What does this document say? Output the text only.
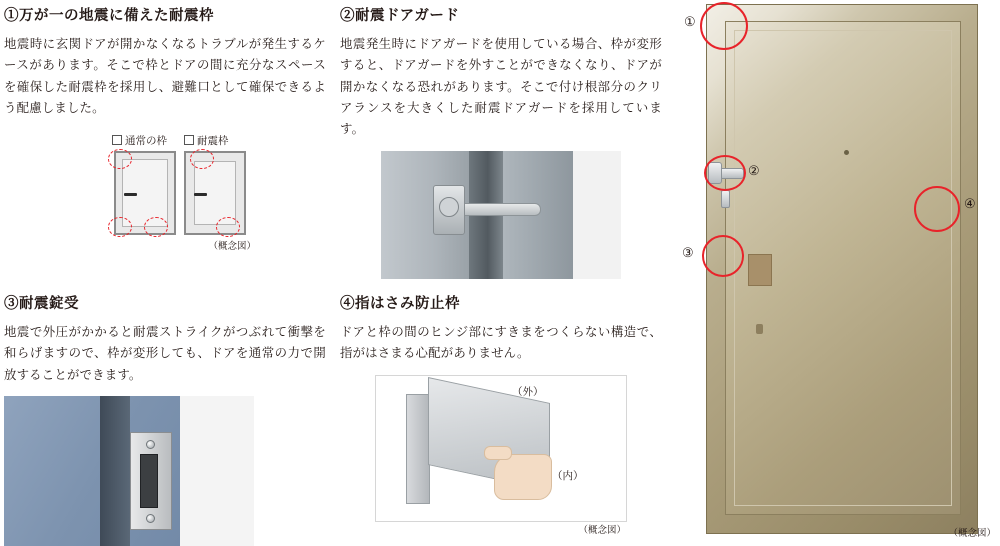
①万が一の地震に備えた耐震枠

地震時に玄関ドアが開かなくなるトラブルが発生するケースがあります。そこで枠とドアの間に充分なスペースを確保した耐震枠を採用し、避難口として確保できるよう配慮しました。

通常の枠	耐震枠
（概念図）
②耐震ドアガード

地震発生時にドアガードを使用している場合、枠が変形すると、ドアガードを外すことができなくなり、ドアが開かなくなる恐れがあります。そこで付け根部分のクリアランスを大きくした耐震ドアガードを採用しています。

③耐震錠受

地震で外圧がかかると耐震ストライクがつぶれて衝撃を和らげますので、枠が変形しても、ドアを通常の力で開放することができます。

④指はさみ防止枠

ドアと枠の間のヒンジ部にすきまをつくらない構造で、指がはさまる心配がありません。

（外）
（内）
（概念図）
①
②
③
④
（概念図）
